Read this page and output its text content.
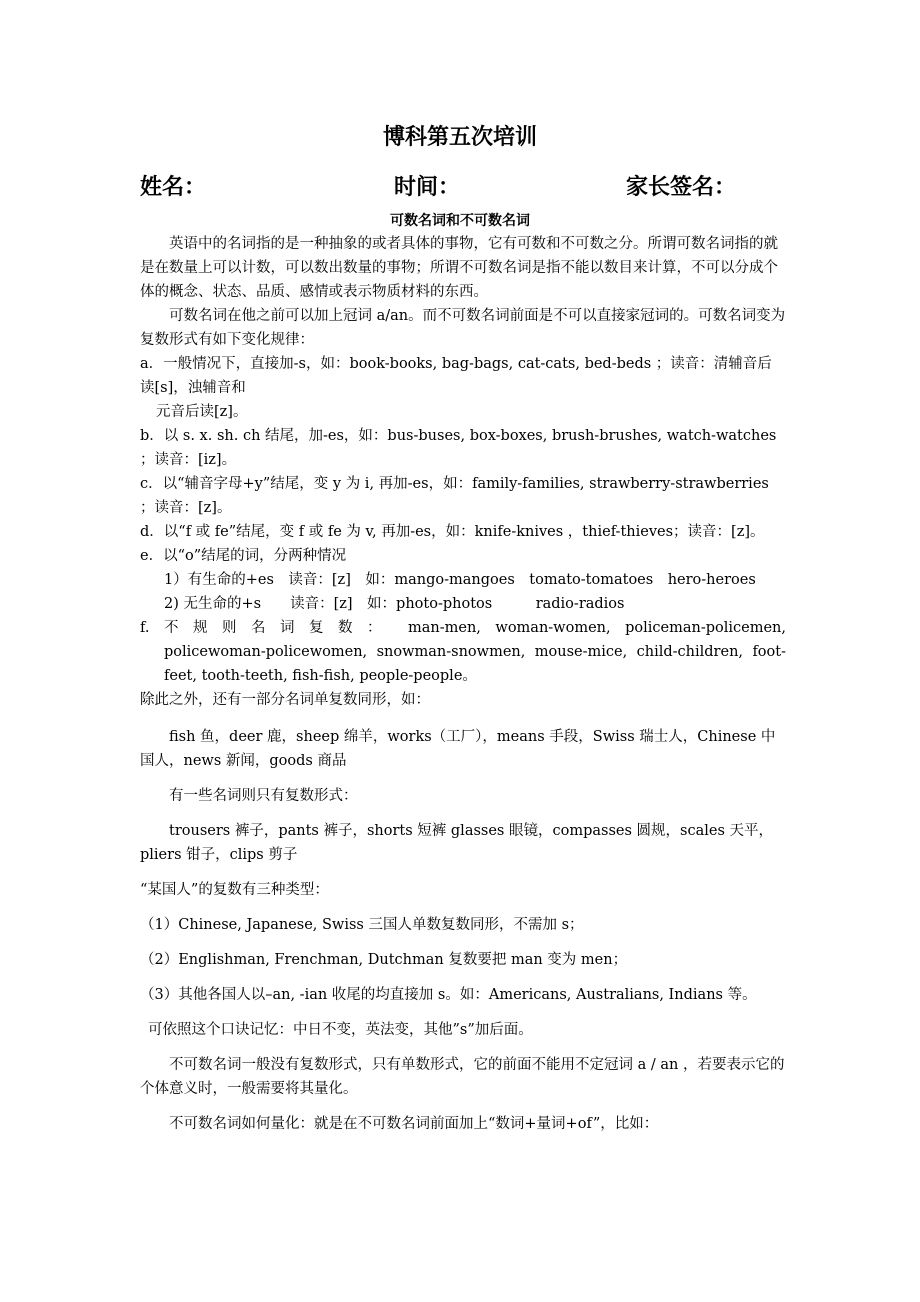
博科第五次培训
姓名：	时间：	家长签名：
可数名词和不可数名词

英语中的名词指的是一种抽象的或者具体的事物，它有可数和不可数之分。所谓可数名词指的就是在数量上可以计数，可以数出数量的事物；所谓不可数名词是指不能以数目来计算，不可以分成个体的概念、状态、品质、感情或表示物质材料的东西。

可数名词在他之前可以加上冠词 a/an。而不可数名词前面是不可以直接家冠词的。可数名词变为复数形式有如下变化规律：

a．一般情况下，直接加-s，如：book-books, bag-bags, cat-cats, bed-beds ；读音：清辅音后读[s]，浊辅音和

元音后读[z]。

b．以 s. x. sh. ch 结尾，加-es，如：bus-buses, box-boxes, brush-brushes, watch-watches ；读音：[iz]。

c．以“辅音字母+y”结尾，变 y 为 i, 再加-es，如：family-families, strawberry-strawberries ；读音：[z]。

d．以“f 或 fe”结尾，变 f 或 fe 为 v, 再加-es，如：knife-knives ，thief-thieves；读音：[z]。

e．以“o”结尾的词，分两种情况

1）有生命的+es　读音：[z]　如：mango-mangoes　tomato-tomatoes　hero-heroes

2) 无生命的+s　　读音：[z]　如：photo-photos　　　radio-radios

f.　不　规　则　名　词　复　数　： man-men,　woman-women,　policeman-policemen,

policewoman-policewomen, snowman-snowmen, mouse-mice, child-children, foot-feet, tooth-teeth, fish-fish, people-people。

除此之外，还有一部分名词单复数同形，如：

fish 鱼，deer 鹿，sheep 绵羊，works（工厂），means 手段，Swiss 瑞士人，Chinese 中国人，news 新闻，goods 商品

有一些名词则只有复数形式：

trousers 裤子，pants 裤子，shorts 短裤 glasses 眼镜，compasses 圆规，scales 天平，pliers 钳子，clips 剪子

“某国人”的复数有三种类型：

（1）Chinese, Japanese, Swiss 三国人单数复数同形，不需加 s；

（2）Englishman, Frenchman, Dutchman 复数要把 man 变为 men；

（3）其他各国人以–an, -ian 收尾的均直接加 s。如：Americans, Australians, Indians 等。

可依照这个口诀记忆：中日不变，英法变，其他”s”加后面。

不可数名词一般没有复数形式，只有单数形式，它的前面不能用不定冠词 a / an ，若要表示它的个体意义时，一般需要将其量化。

不可数名词如何量化：就是在不可数名词前面加上“数词+量词+of”，比如：
